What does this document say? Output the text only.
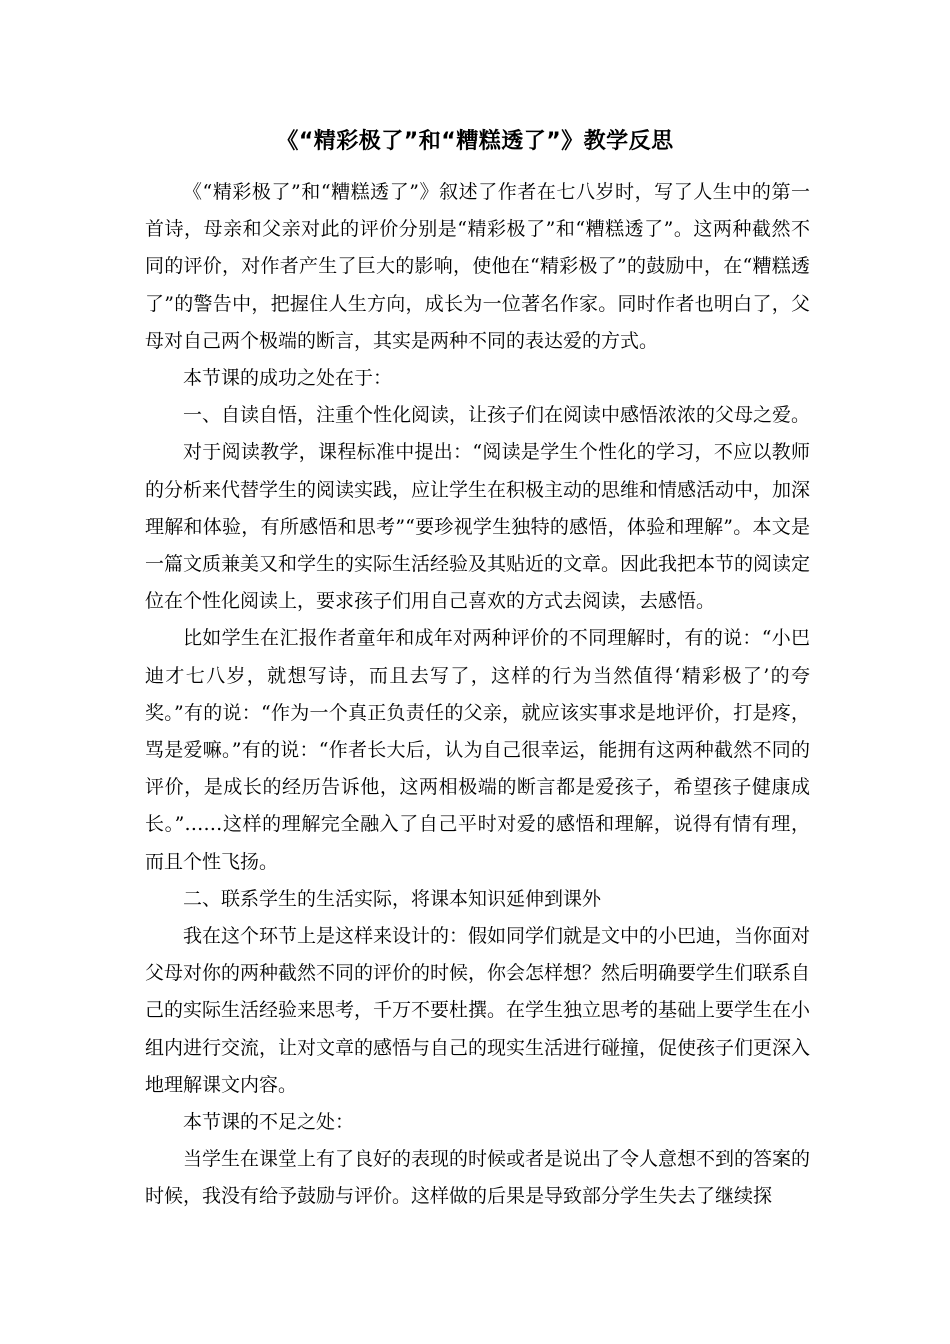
《“精彩极了”和“糟糕透了”》教学反思

《“精彩极了”和“糟糕透了”》叙述了作者在七八岁时，写了人生中的第一首诗，母亲和父亲对此的评价分别是“精彩极了”和“糟糕透了”。这两种截然不同的评价，对作者产生了巨大的影响，使他在“精彩极了”的鼓励中，在“糟糕透了”的警告中，把握住人生方向，成长为一位著名作家。同时作者也明白了，父母对自己两个极端的断言，其实是两种不同的表达爱的方式。

本节课的成功之处在于：

一、自读自悟，注重个性化阅读，让孩子们在阅读中感悟浓浓的父母之爱。

对于阅读教学，课程标准中提出：“阅读是学生个性化的学习，不应以教师的分析来代替学生的阅读实践，应让学生在积极主动的思维和情感活动中，加深理解和体验，有所感悟和思考”“要珍视学生独特的感悟，体验和理解”。本文是一篇文质兼美又和学生的实际生活经验及其贴近的文章。因此我把本节的阅读定位在个性化阅读上，要求孩子们用自己喜欢的方式去阅读，去感悟。

比如学生在汇报作者童年和成年对两种评价的不同理解时，有的说：“小巴迪才七八岁，就想写诗，而且去写了，这样的行为当然值得‘精彩极了’的夸奖。”有的说：“作为一个真正负责任的父亲，就应该实事求是地评价，打是疼，骂是爱嘛。”有的说：“作者长大后，认为自己很幸运，能拥有这两种截然不同的评价，是成长的经历告诉他，这两相极端的断言都是爱孩子，希望孩子健康成长。”……这样的理解完全融入了自己平时对爱的感悟和理解，说得有情有理，而且个性飞扬。

二、联系学生的生活实际，将课本知识延伸到课外

我在这个环节上是这样来设计的：假如同学们就是文中的小巴迪，当你面对父母对你的两种截然不同的评价的时候，你会怎样想？然后明确要学生们联系自己的实际生活经验来思考，千万不要杜撰。在学生独立思考的基础上要学生在小组内进行交流，让对文章的感悟与自己的现实生活进行碰撞，促使孩子们更深入地理解课文内容。

本节课的不足之处：

当学生在课堂上有了良好的表现的时候或者是说出了令人意想不到的答案的时候，我没有给予鼓励与评价。这样做的后果是导致部分学生失去了继续探
